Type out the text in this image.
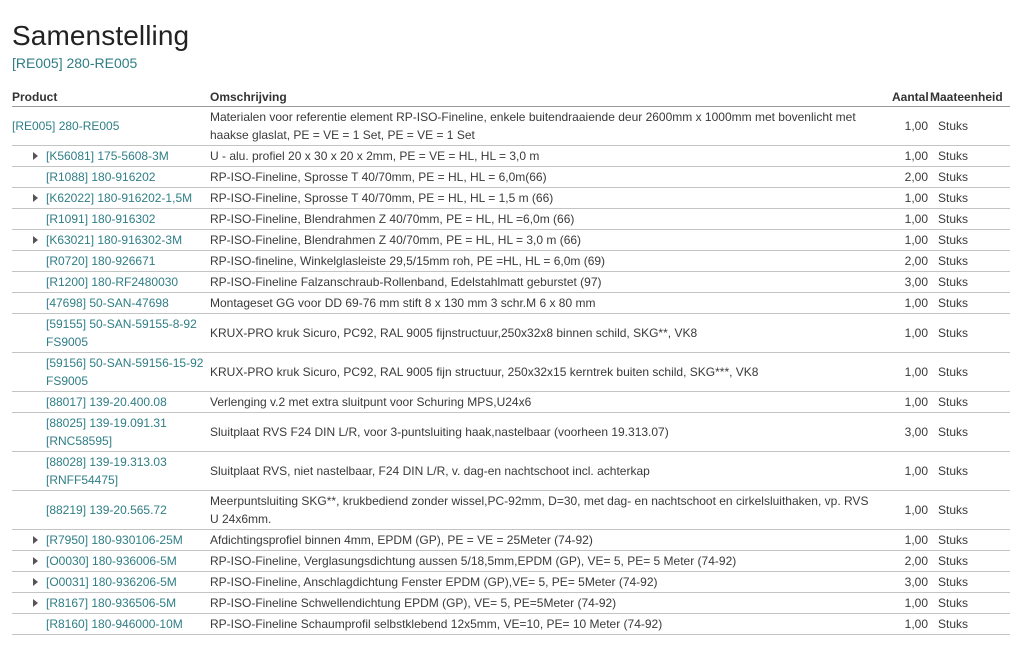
Samenstelling
[RE005] 280-RE005
Product	Omschrijving	Aantal	Maateenheid
[RE005] 280-RE005	Materialen voor referentie element RP-ISO-Fineline, enkele buitendraaiende deur 2600mm x 1000mm met bovenlicht met haakse glaslat, PE = VE = 1 Set, PE = VE = 1 Set	1,00	Stuks

[K56081] 175-5608-3M	U - alu. profiel 20 x 30 x 20 x 2mm, PE = VE = HL, HL = 3,0 m	1,00	Stuks
[R1088] 180-916202	RP-ISO-Fineline, Sprosse T 40/70mm, PE = HL, HL = 6,0m(66)	2,00	Stuks

[K62022] 180-916202-1,5M	RP-ISO-Fineline, Sprosse T 40/70mm, PE = HL, HL = 1,5 m (66)	1,00	Stuks
[R1091] 180-916302	RP-ISO-Fineline, Blendrahmen Z 40/70mm, PE = HL, HL =6,0m (66)	1,00	Stuks

[K63021] 180-916302-3M	RP-ISO-Fineline, Blendrahmen Z 40/70mm, PE = HL, HL = 3,0 m (66)	1,00	Stuks
[R0720] 180-926671	RP-ISO-fineline, Winkelglasleiste 29,5/15mm roh, PE =HL, HL = 6,0m (69)	2,00	Stuks
[R1200] 180-RF2480030	RP-ISO-Fineline Falzanschraub-Rollenband, Edelstahlmatt geburstet (97)	3,00	Stuks
[47698] 50-SAN-47698	Montageset GG voor DD 69-76 mm stift 8 x 130 mm 3 schr.M 6 x 80 mm	1,00	Stuks
[59155] 50-SAN-59155-8-92 FS9005	KRUX-PRO kruk Sicuro, PC92, RAL 9005 fijnstructuur,250x32x8 binnen schild, SKG**, VK8	1,00	Stuks
[59156] 50-SAN-59156-15-92 FS9005	KRUX-PRO kruk Sicuro, PC92, RAL 9005 fijn structuur, 250x32x15 kerntrek buiten schild, SKG***, VK8	1,00	Stuks
[88017] 139-20.400.08	Verlenging v.2 met extra sluitpunt voor Schuring MPS,U24x6	1,00	Stuks
[88025] 139-19.091.31 [RNC58595]	Sluitplaat RVS F24 DIN L/R, voor 3-puntsluiting haak,nastelbaar (voorheen 19.313.07)	3,00	Stuks
[88028] 139-19.313.03 [RNFF54475]	Sluitplaat RVS, niet nastelbaar, F24 DIN L/R, v. dag-en nachtschoot incl. achterkap	1,00	Stuks
[88219] 139-20.565.72	Meerpuntsluiting SKG**, krukbediend zonder wissel,PC-92mm, D=30, met dag- en nachtschoot en cirkelsluithaken, vp. RVS U 24x6mm.	1,00	Stuks

[R7950] 180-930106-25M	Afdichtingsprofiel binnen 4mm, EPDM (GP), PE = VE = 25Meter (74-92)	1,00	Stuks

[O0030] 180-936006-5M	RP-ISO-Fineline, Verglasungsdichtung aussen 5/18,5mm,EPDM (GP), VE= 5, PE= 5 Meter (74-92)	2,00	Stuks

[O0031] 180-936206-5M	RP-ISO-Fineline, Anschlagdichtung Fenster EPDM (GP),VE= 5, PE= 5Meter (74-92)	3,00	Stuks

[R8167] 180-936506-5M	RP-ISO-Fineline Schwellendichtung EPDM (GP), VE= 5, PE=5Meter (74-92)	1,00	Stuks
[R8160] 180-946000-10M	RP-ISO-Fineline Schaumprofil selbstklebend 12x5mm, VE=10, PE= 10 Meter (74-92)	1,00	Stuks
